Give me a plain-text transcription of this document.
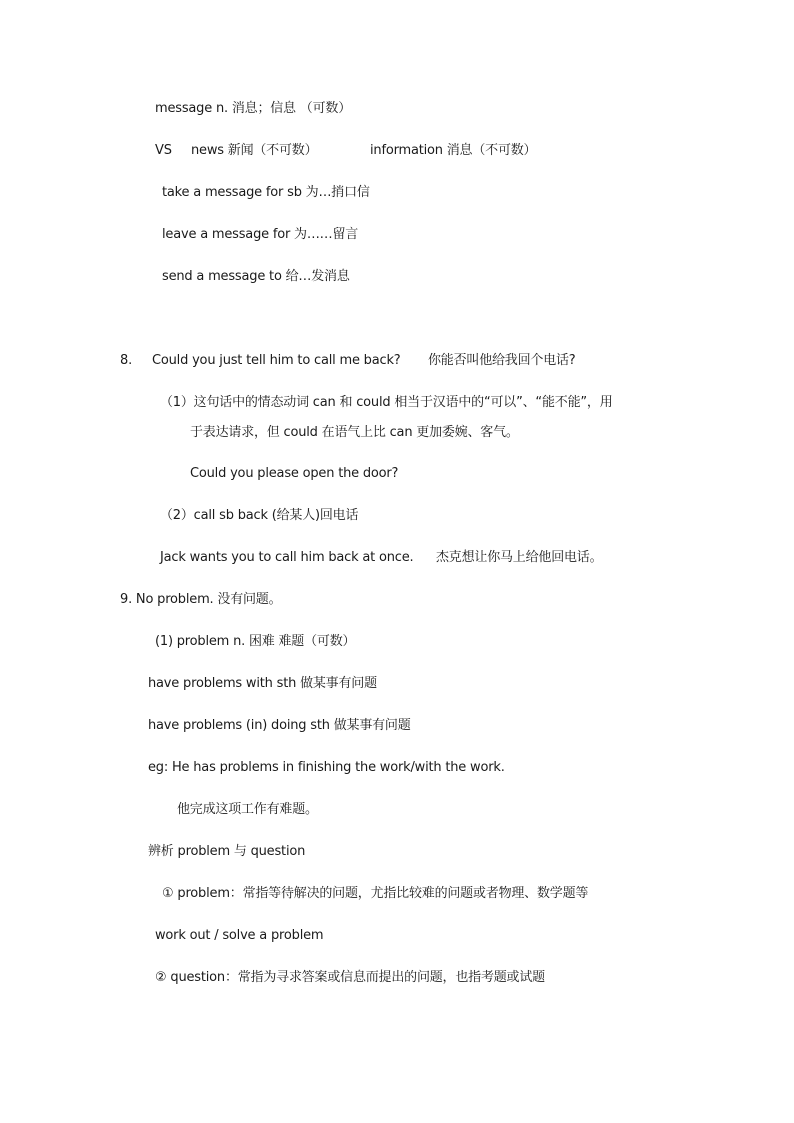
message n. 消息；信息 （可数）
VS news 新闻（不可数）	information 消息（不可数）
take a message for sb 为…捎口信
leave a message for 为……留言
send a message to 给…发消息
8. Could you just tell him to call me back? 你能否叫他给我回个电话?
（1）这句话中的情态动词 can 和 could 相当于汉语中的“可以”、“能不能”，用
于表达请求，但 could 在语气上比 can 更加委婉、客气。
Could you please open the door?
（2）call sb back (给某人)回电话
Jack wants you to call him back at once. 杰克想让你马上给他回电话。
9. No problem. 没有问题。
(1) problem n. 困难 难题（可数）
have problems with sth 做某事有问题
have problems (in) doing sth 做某事有问题
eg: He has problems in finishing the work/with the work.
他完成这项工作有难题。
辨析 problem 与 question
① problem：常指等待解决的问题，尤指比较难的问题或者物理、数学题等
work out / solve a problem
② question：常指为寻求答案或信息而提出的问题，也指考题或试题
